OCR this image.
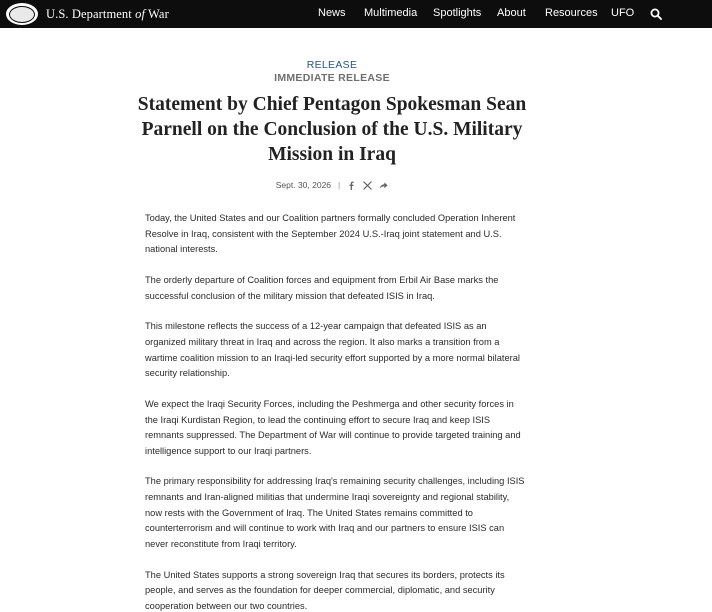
U.S. Department of War	News Multimedia Spotlights About Resources UFO
RELEASE
IMMEDIATE RELEASE
Statement by Chief Pentagon Spokesman Sean Parnell on the Conclusion of the U.S. Military Mission in Iraq
Sept. 30, 2026 |

Today, the United States and our Coalition partners formally concluded Operation Inherent Resolve in Iraq, consistent with the September 2024 U.S.-Iraq joint statement and U.S. national interests.

The orderly departure of Coalition forces and equipment from Erbil Air Base marks the successful conclusion of the military mission that defeated ISIS in Iraq.

This milestone reflects the success of a 12-year campaign that defeated ISIS as an organized military threat in Iraq and across the region. It also marks a transition from a wartime coalition mission to an Iraqi-led security effort supported by a more normal bilateral security relationship.

We expect the Iraqi Security Forces, including the Peshmerga and other security forces in the Iraqi Kurdistan Region, to lead the continuing effort to secure Iraq and keep ISIS remnants suppressed. The Department of War will continue to provide targeted training and intelligence support to our Iraqi partners.

The primary responsibility for addressing Iraq's remaining security challenges, including ISIS remnants and Iran-aligned militias that undermine Iraqi sovereignty and regional stability, now rests with the Government of Iraq. The United States remains committed to counterterrorism and will continue to work with Iraq and our partners to ensure ISIS can never reconstitute from Iraqi territory.

The United States supports a strong sovereign Iraq that secures its borders, protects its people, and serves as the foundation for deeper commercial, diplomatic, and security cooperation between our two countries.
